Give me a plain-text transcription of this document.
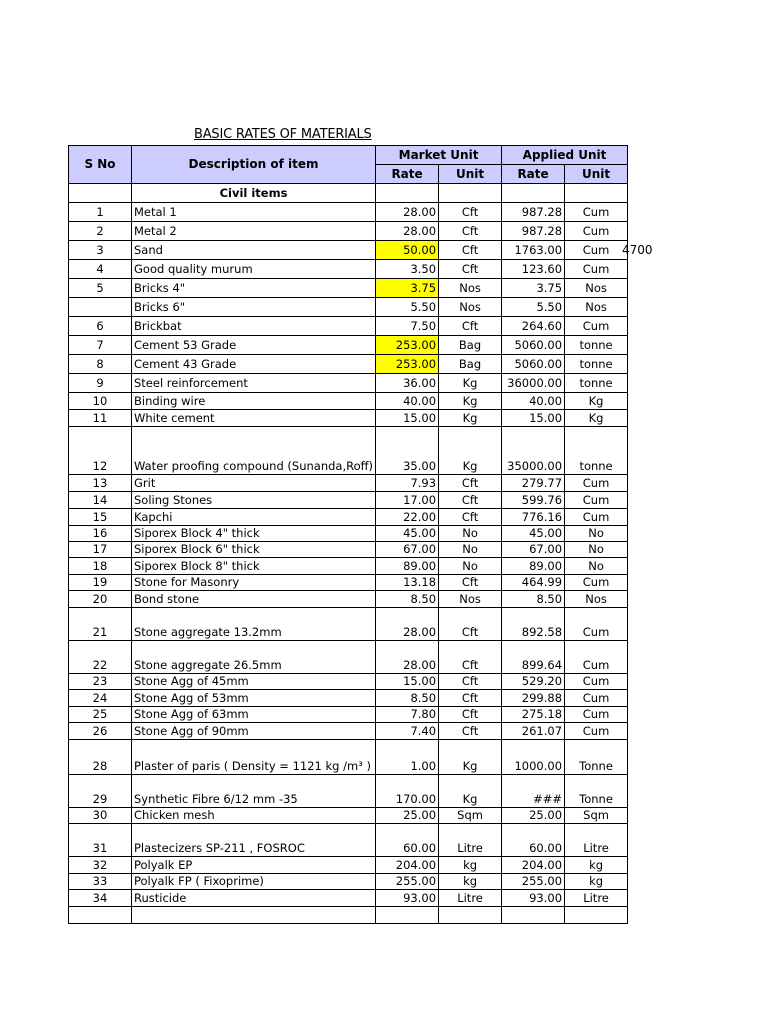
BASIC RATES OF MATERIALS
4700
S No	Description of item	Market Unit		Applied Unit	
		Rate	Unit	Rate	Unit
	Civil items				
1	Metal 1	28.00	Cft	987.28	Cum
2	Metal 2	28.00	Cft	987.28	Cum
3	Sand	50.00	Cft	1763.00	Cum
4	Good quality murum	3.50	Cft	123.60	Cum
5	Bricks 4"	3.75	Nos	3.75	Nos
	Bricks 6"	5.50	Nos	5.50	Nos
6	Brickbat	7.50	Cft	264.60	Cum
7	Cement 53 Grade	253.00	Bag	5060.00	tonne
8	Cement 43 Grade	253.00	Bag	5060.00	tonne
9	Steel reinforcement	36.00	Kg	36000.00	tonne
10	Binding wire	40.00	Kg	40.00	Kg
11	White cement	15.00	Kg	15.00	Kg
12	Water proofing compound (Sunanda,Roff)	35.00	Kg	35000.00	tonne
13	Grit	7.93	Cft	279.77	Cum
14	Soling Stones	17.00	Cft	599.76	Cum
15	Kapchi	22.00	Cft	776.16	Cum
16	Siporex Block 4" thick	45.00	No	45.00	No
17	Siporex Block 6" thick	67.00	No	67.00	No
18	Siporex Block 8" thick	89.00	No	89.00	No
19	Stone for Masonry	13.18	Cft	464.99	Cum
20	Bond stone	8.50	Nos	8.50	Nos
21	Stone aggregate 13.2mm	28.00	Cft	892.58	Cum
22	Stone aggregate 26.5mm	28.00	Cft	899.64	Cum
23	Stone Agg of 45mm	15.00	Cft	529.20	Cum
24	Stone Agg of 53mm	8.50	Cft	299.88	Cum
25	Stone Agg of 63mm	7.80	Cft	275.18	Cum
26	Stone Agg of 90mm	7.40	Cft	261.07	Cum
28	Plaster of paris ( Density = 1121 kg /m³ )	1.00	Kg	1000.00	Tonne
29	Synthetic Fibre 6/12 mm -35	170.00	Kg	###	Tonne
30	Chicken mesh	25.00	Sqm	25.00	Sqm
31	Plastecizers SP-211 , FOSROC	60.00	Litre	60.00	Litre
32	Polyalk EP	204.00	kg	204.00	kg
33	Polyalk FP ( Fixoprime)	255.00	kg	255.00	kg
34	Rusticide	93.00	Litre	93.00	Litre
